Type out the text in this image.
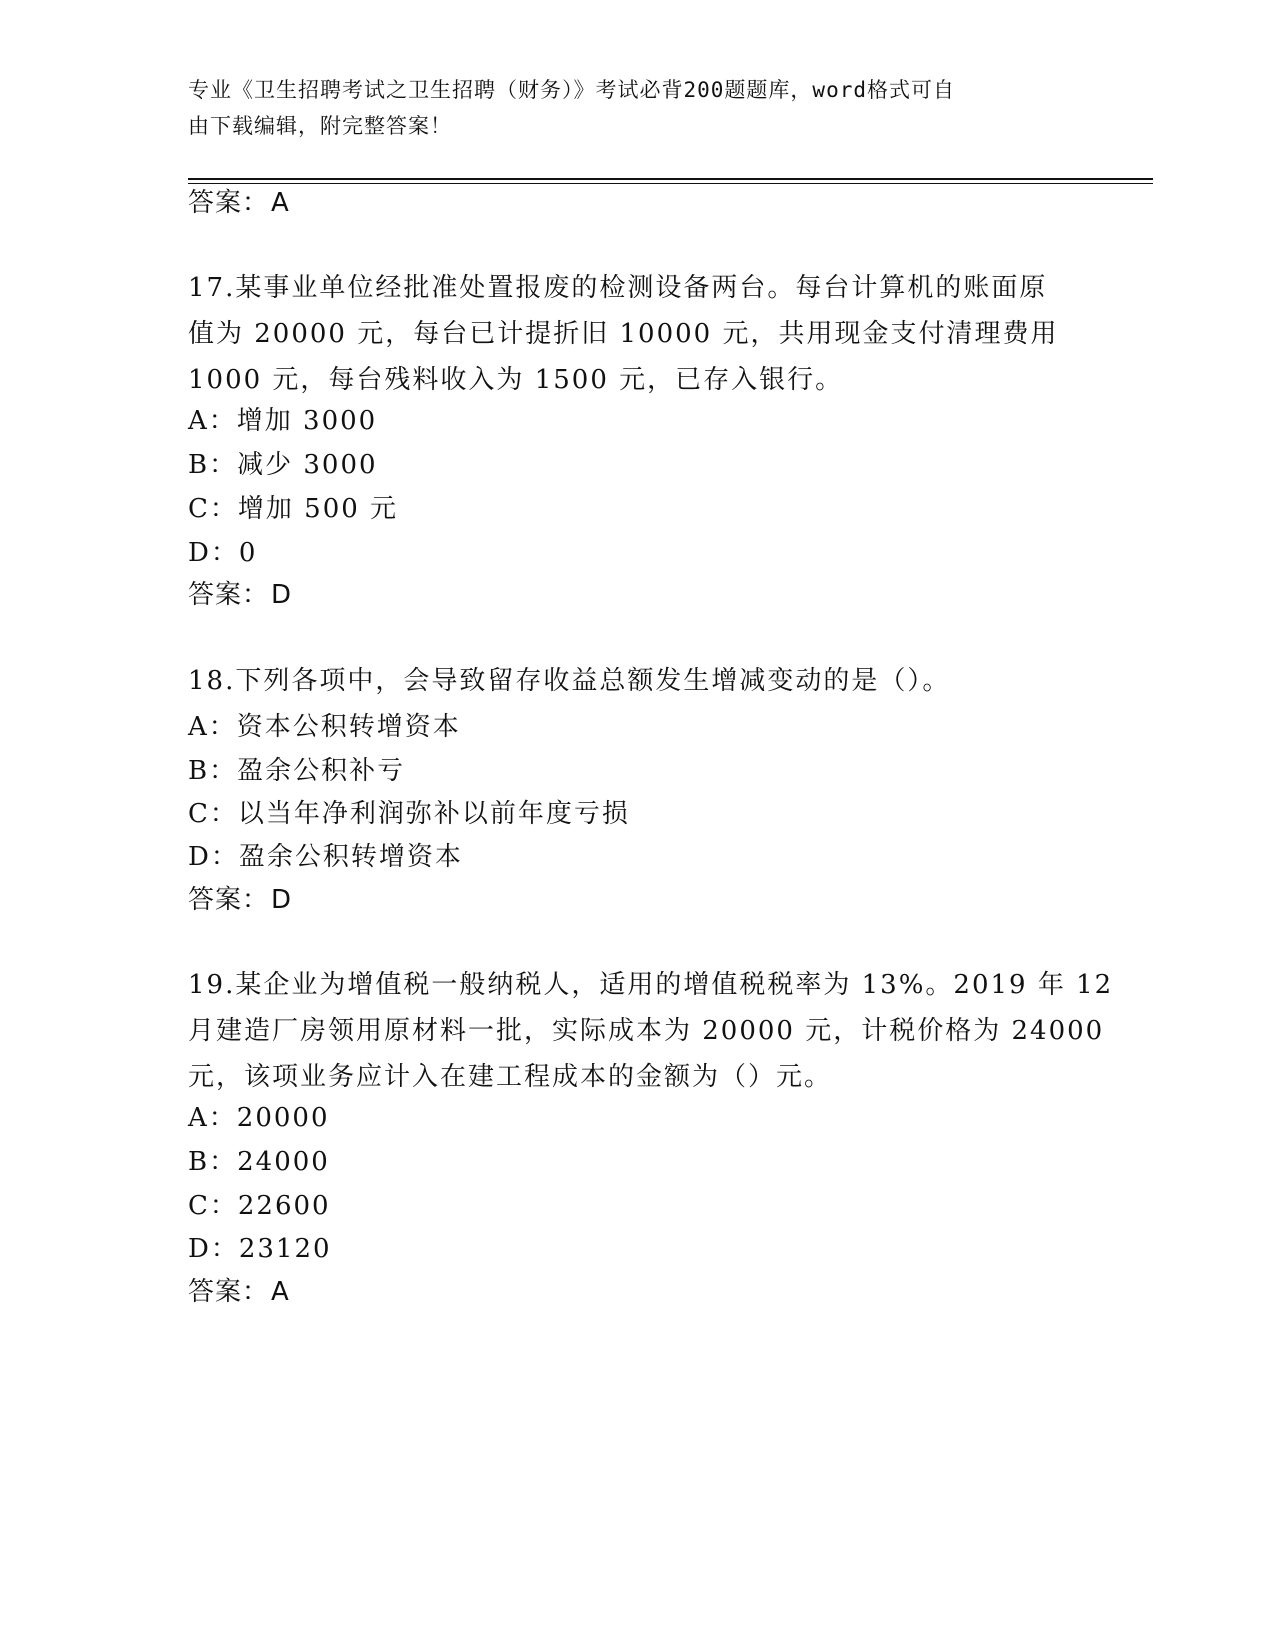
专业《卫生招聘考试之卫生招聘（财务）》考试必背200题题库，word格式可自
由下载编辑，附完整答案！
答案：A
17.某事业单位经批准处置报废的检测设备两台。每台计算机的账面原
值为 20000 元，每台已计提折旧 10000 元，共用现金支付清理费用
1000 元，每台残料收入为 1500 元，已存入银行。
A：增加 3000
B：减少 3000
C：增加 500 元
D：0
答案：D
18.下列各项中，会导致留存收益总额发生增减变动的是（）。
A：资本公积转增资本
B：盈余公积补亏
C：以当年净利润弥补以前年度亏损
D：盈余公积转增资本
答案：D
19.某企业为增值税一般纳税人，适用的增值税税率为 13%。2019 年 12
月建造厂房领用原材料一批，实际成本为 20000 元，计税价格为 24000
元，该项业务应计入在建工程成本的金额为（）元。
A：20000
B：24000
C：22600
D：23120
答案：A
